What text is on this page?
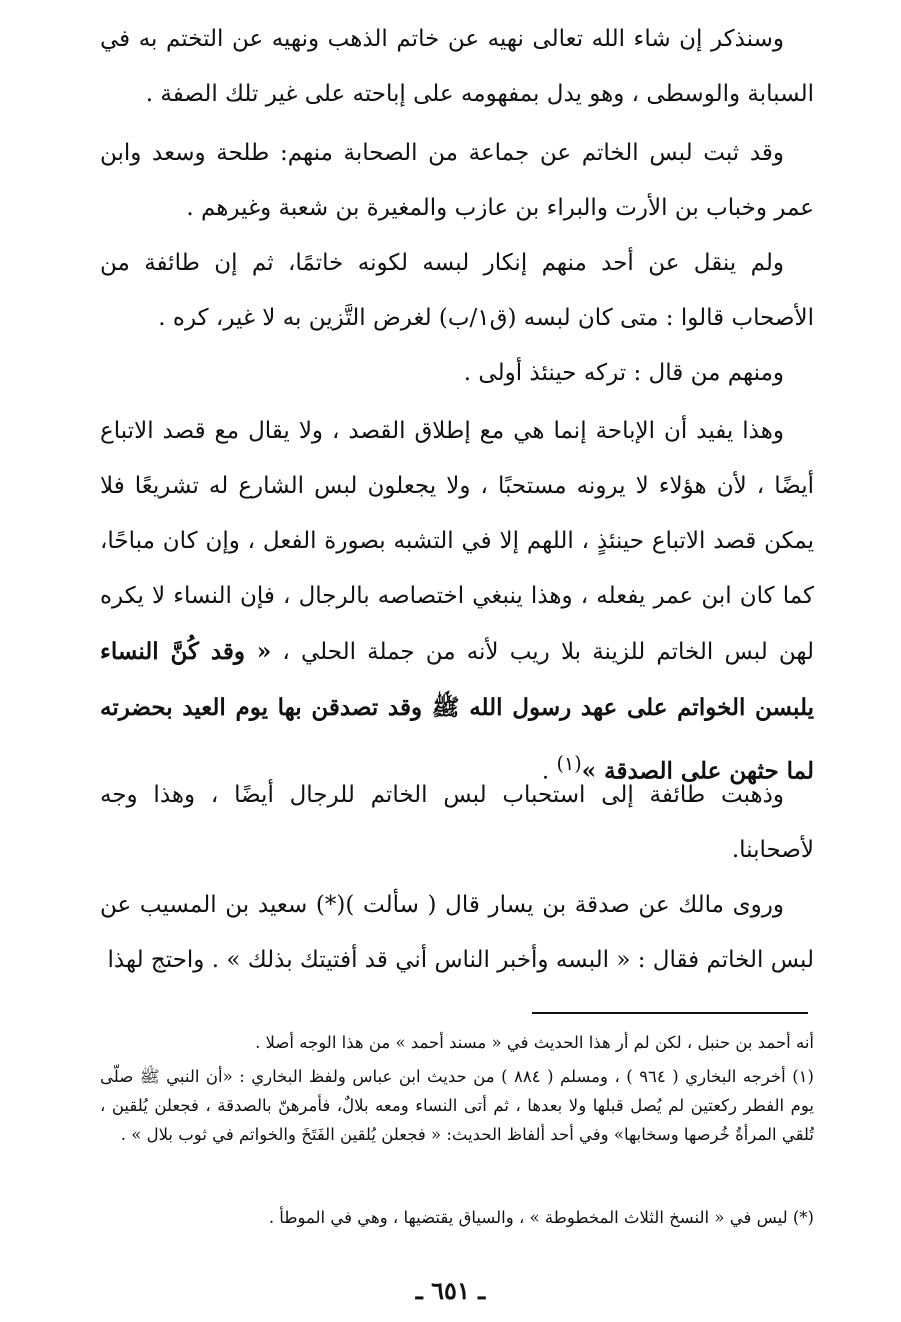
وسنذكر إن شاء الله تعالى نهيه عن خاتم الذهب ونهيه عن التختم به في السبابة والوسطى ، وهو يدل بمفهومه على إباحته على غير تلك الصفة .
وقد ثبت لبس الخاتم عن جماعة من الصحابة منهم: طلحة وسعد وابن عمر وخباب بن الأرت والبراء بن عازب والمغيرة بن شعبة وغيرهم .
ولم ينقل عن أحد منهم إنكار لبسه لكونه خاتمًا، ثم إن طائفة من الأصحاب قالوا : متى كان لبسه (ق١/ب) لغرض التَّزين به لا غير، كره .
ومنهم من قال : تركه حينئذ أولى .
وهذا يفيد أن الإباحة إنما هي مع إطلاق القصد ، ولا يقال مع قصد الاتباع أيضًا ، لأن هؤلاء لا يرونه مستحبًا ، ولا يجعلون لبس الشارع له تشريعًا فلا يمكن قصد الاتباع حينئذٍ ، اللهم إلا في التشبه بصورة الفعل ، وإن كان مباحًا، كما كان ابن عمر يفعله ، وهذا ينبغي اختصاصه بالرجال ، فإن النساء لا يكره لهن لبس الخاتم للزينة بلا ريب لأنه من جملة الحلي ، « وقد كُنَّ النساء يلبسن الخواتم على عهد رسول الله ﷺ وقد تصدقن بها يوم العيد بحضرته لما حثهن على الصدقة »$^{(١)}$ .
وذهبت طائفة إلى استحباب لبس الخاتم للرجال أيضًا ، وهذا وجه لأصحابنا.
وروى مالك عن صدقة بن يسار قال ( سألت )(*) سعيد بن المسيب عن لبس الخاتم فقال : « البسه وأخبر الناس أني قد أفتيتك بذلك » . واحتج لهذا
أنه أحمد بن حنبل ، لكن لم أر هذا الحديث في « مسند أحمد » من هذا الوجه أصلا .
(١) أخرجه البخاري ( ٩٦٤ ) ، ومسلم ( ٨٨٤ ) من حديث ابن عباس ولفظ البخاري : «أن النبي ﷺ صلّى يوم الفطر ركعتين لم يُصل قبلها ولا بعدها ، ثم أتى النساء ومعه بلالٌ، فأمرهنّ بالصدقة ، فجعلن يُلقين ، تُلقي المرأةُ خُرصها وسخابها» وفي أحد ألفاظ الحديث: « فجعلن يُلقين الفَتَخَ والخواتم في ثوب بلال » .
(*) ليس في « النسخ الثلاث المخطوطة » ، والسياق يقتضيها ، وهي في الموطأ .
ـ ٦٥١ ـ
